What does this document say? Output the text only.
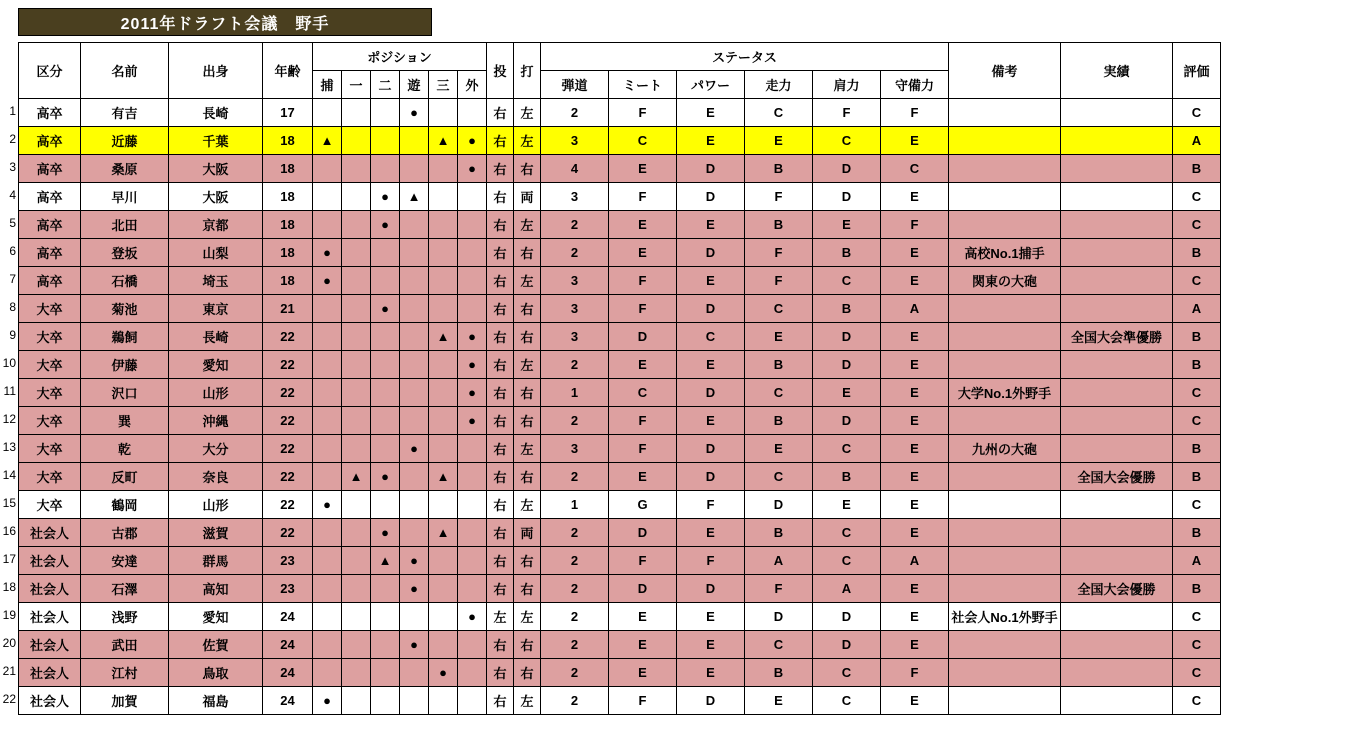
2011年ドラフト会議　野手
1
2
3
4
5
6
7
8
9
10
11
12
13
14
15
16
17
18
19
20
21
22
区分	名前	出身	年齢	ポジション						投	打	ステータス						備考	実績	評価
				捕	一	二	遊	三	外			弾道	ミート	パワー	走力	肩力	守備力			
高卒	有吉	長崎	17				●			右	左	2	F	E	C	F	F			C
高卒	近藤	千葉	18	▲				▲	●	右	左	3	C	E	E	C	E			A
高卒	桑原	大阪	18						●	右	右	4	E	D	B	D	C			B
高卒	早川	大阪	18			●	▲			右	両	3	F	D	F	D	E			C
高卒	北田	京都	18			●				右	左	2	E	E	B	E	F			C
高卒	登坂	山梨	18	●						右	右	2	E	D	F	B	E	高校No.1捕手		B
高卒	石橋	埼玉	18	●						右	左	3	F	E	F	C	E	関東の大砲		C
大卒	菊池	東京	21			●				右	右	3	F	D	C	B	A			A
大卒	鵜飼	長崎	22					▲	●	右	右	3	D	C	E	D	E		全国大会準優勝	B
大卒	伊藤	愛知	22						●	右	左	2	E	E	B	D	E			B
大卒	沢口	山形	22						●	右	右	1	C	D	C	E	E	大学No.1外野手		C
大卒	巽	沖縄	22						●	右	右	2	F	E	B	D	E			C
大卒	乾	大分	22				●			右	左	3	F	D	E	C	E	九州の大砲		B
大卒	反町	奈良	22		▲	●		▲		右	右	2	E	D	C	B	E		全国大会優勝	B
大卒	鶴岡	山形	22	●						右	左	1	G	F	D	E	E			C
社会人	古郡	滋賀	22			●		▲		右	両	2	D	E	B	C	E			B
社会人	安達	群馬	23			▲	●			右	右	2	F	F	A	C	A			A
社会人	石澤	高知	23				●			右	右	2	D	D	F	A	E		全国大会優勝	B
社会人	浅野	愛知	24						●	左	左	2	E	E	D	D	E	社会人No.1外野手		C
社会人	武田	佐賀	24				●			右	右	2	E	E	C	D	E			C
社会人	江村	鳥取	24					●		右	右	2	E	E	B	C	F			C
社会人	加賀	福島	24	●						右	左	2	F	D	E	C	E			C
